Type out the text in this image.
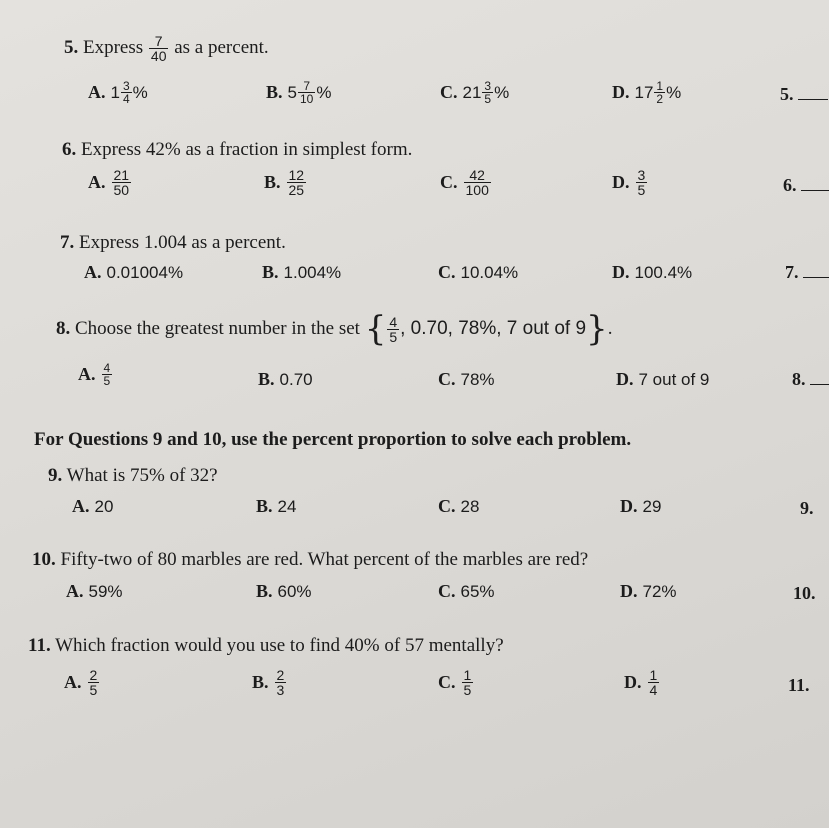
5. Express $\frac{7}{40}$ as a percent.
A. $1 \frac{3}{4}$ %	B. $5 \frac{7}{10}$ %	C. $21 \frac{3}{5}$ %	D. $17 \frac{1}{2}$ %	5.
6. Express 42% as a fraction in simplest form.
A. $\frac{21}{50}$	B. $\frac{12}{25}$	C. $\frac{42}{100}$	D. $\frac{3}{5}$	6.
7. Express 1.004 as a percent.
A. 0.01004%	B. 1.004%	C. 10.04%	D. 100.4%	7.
8.
Choose the greatest number in the set
{ $\frac{4}{5}$ , 0.70, 78%, 7 out of 9 } .
A. $\frac{4}{5}$	B. 0.70	C. 78%	D. 7 out of 9	8.
For Questions 9 and 10, use the percent proportion to solve each problem.
9. What is 75% of 32?
A. 20	B. 24	C. 28	D. 29	9.
10. Fifty-two of 80 marbles are red. What percent of the marbles are red?
A. 59%	B. 60%	C. 65%	D. 72%	10.
11. Which fraction would you use to find 40% of 57 mentally?
A. $\frac{2}{5}$	B. $\frac{2}{3}$	C. $\frac{1}{5}$	D. $\frac{1}{4}$	11.
